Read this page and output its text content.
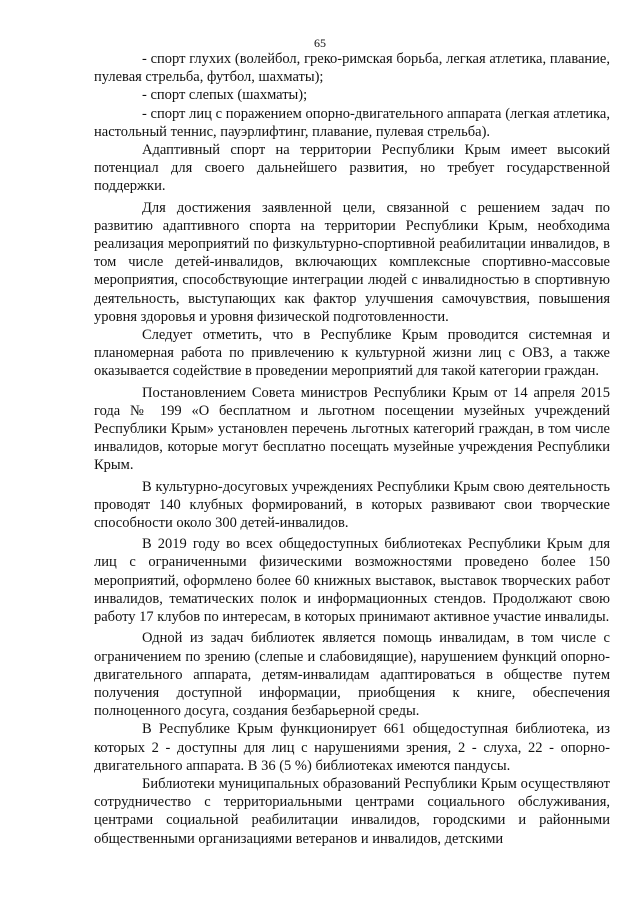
65

- спорт глухих (волейбол, греко-римская борьба, легкая атлетика, плавание, пулевая стрельба, футбол, шахматы);

- спорт слепых (шахматы);

- спорт лиц с поражением опорно-двигательного аппарата (легкая атлетика, настольный теннис, пауэрлифтинг, плавание, пулевая стрельба).

Адаптивный спорт на территории Республики Крым имеет высокий потенциал для своего дальнейшего развития, но требует государственной поддержки.

Для достижения заявленной цели, связанной с решением задач по развитию адаптивного спорта на территории Республики Крым, необходима реализация мероприятий по физкультурно-спортивной реабилитации инвалидов, в том числе детей-инвалидов, включающих комплексные спортивно-массовые мероприятия, способствующие интеграции людей с инвалидностью в спортивную деятельность, выступающих как фактор улучшения самочувствия, повышения уровня здоровья и уровня физической подготовленности.

Следует отметить, что в Республике Крым проводится системная и планомерная работа по привлечению к культурной жизни лиц с ОВЗ, а также оказывается содействие в проведении мероприятий для такой категории граждан.

Постановлением Совета министров Республики Крым от 14 апреля 2015 года № 199 «О бесплатном и льготном посещении музейных учреждений Республики Крым» установлен перечень льготных категорий граждан, в том числе инвалидов, которые могут бесплатно посещать музейные учреждения Республики Крым.

В культурно-досуговых учреждениях Республики Крым свою деятельность проводят 140 клубных формирований, в которых развивают свои творческие способности около 300 детей-инвалидов.

В 2019 году во всех общедоступных библиотеках Республики Крым для лиц с ограниченными физическими возможностями проведено более 150 мероприятий, оформлено более 60 книжных выставок, выставок творческих работ инвалидов, тематических полок и информационных стендов. Продолжают свою работу 17 клубов по интересам, в которых принимают активное участие инвалиды.

Одной из задач библиотек является помощь инвалидам, в том числе с ограничением по зрению (слепые и слабовидящие), нарушением функций опорно-двигательного аппарата, детям-инвалидам адаптироваться в обществе путем получения доступной информации, приобщения к книге, обеспечения полноценного досуга, создания безбарьерной среды.

В Республике Крым функционирует 661 общедоступная библиотека, из которых 2 - доступны для лиц с нарушениями зрения, 2 - слуха, 22 - опорно-двигательного аппарата. В 36 (5 %) библиотеках имеются пандусы.

Библиотеки муниципальных образований Республики Крым осуществляют сотрудничество с территориальными центрами социального обслуживания, центрами социальной реабилитации инвалидов, городскими и районными общественными организациями ветеранов и инвалидов, детскими
